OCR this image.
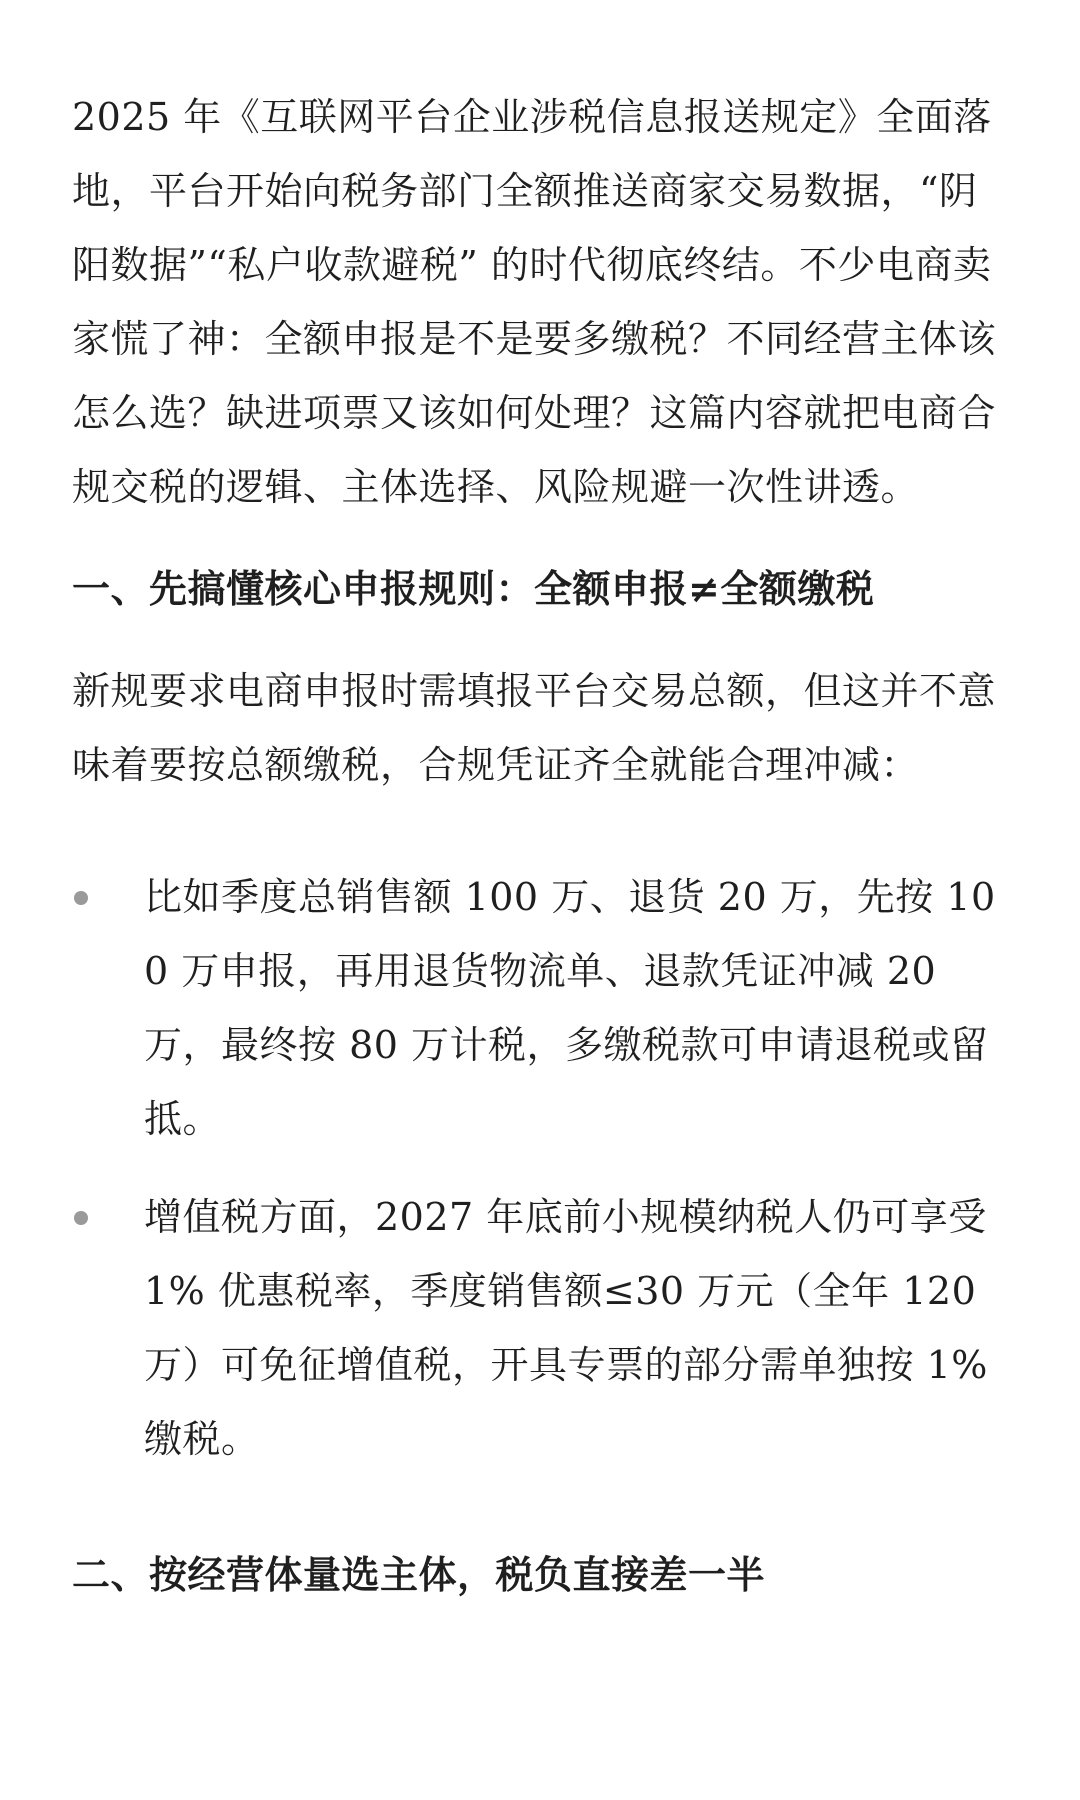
2025 年《互联网平台企业涉税信息报送规定》全面落地，平台开始向税务部门全额推送商家交易数据，“阴阳数据”“私户收款避税” 的时代彻底终结。不少电商卖家慌了神：全额申报是不是要多缴税？不同经营主体该怎么选？缺进项票又该如何处理？这篇内容就把电商合规交税的逻辑、主体选择、风险规避一次性讲透。

一、先搞懂核心申报规则：全额申报≠全额缴税

新规要求电商申报时需填报平台交易总额，但这并不意味着要按总额缴税，合规凭证齐全就能合理冲减：

比如季度总销售额 100 万、退货 20 万，先按 100 万申报，再用退货物流单、退款凭证冲减 20 万，最终按 80 万计税，多缴税款可申请退税或留抵。
增值税方面，2027 年底前小规模纳税人仍可享受 1% 优惠税率，季度销售额≤30 万元（全年 120 万）可免征增值税，开具专票的部分需单独按 1% 缴税。
二、按经营体量选主体，税负直接差一半
